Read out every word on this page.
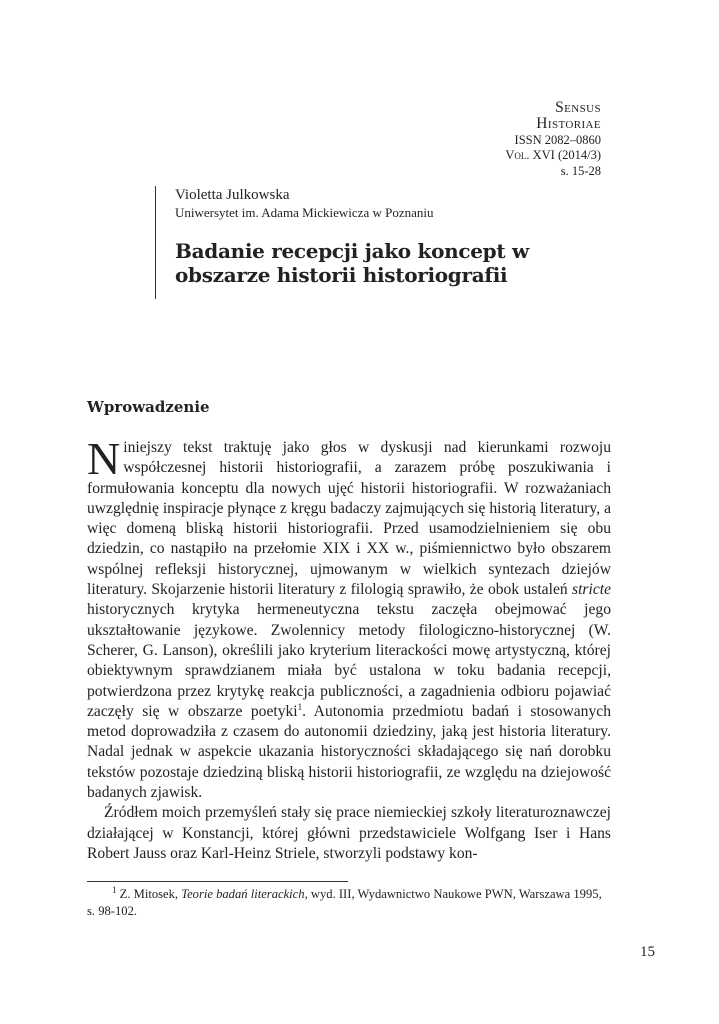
Sensus
Historiae
ISSN 2082–0860
Vol. XVI (2014/3)
s. 15-28
Violetta Julkowska
Uniwersytet im. Adama Mickiewicza w Poznaniu
Badanie recepcji jako koncept w obszarze historii historiografii
Wprowadzenie

Niniejszy tekst traktuję jako głos w dyskusji nad kierunkami rozwoju współczesnej historii historiografii, a zarazem próbę poszukiwania i formułowania konceptu dla nowych ujęć historii historiografii. W rozważaniach uwzględnię inspiracje płynące z kręgu badaczy zajmujących się historią literatury, a więc domeną bliską historii historiografii. Przed usamodzielnieniem się obu dziedzin, co nastąpiło na przełomie XIX i XX w., piśmiennictwo było obszarem wspólnej refleksji historycznej, ujmowanym w wielkich syntezach dziejów literatury. Skojarzenie historii literatury z filologią sprawiło, że obok ustaleń stricte historycznych krytyka hermeneutyczna tekstu zaczęła obejmować jego ukształtowanie językowe. Zwolennicy metody filologiczno-historycznej (W. Scherer, G. Lanson), określili jako kryterium literackości mowę artystyczną, której obiektywnym sprawdzianem miała być ustalona w toku badania recepcji, potwierdzona przez krytykę reakcja publiczności, a zagadnienia odbioru pojawiać zaczęły się w obszarze poetyki$^1$. Autonomia przedmiotu badań i stosowanych metod doprowadziła z czasem do autonomii dziedziny, jaką jest historia literatury. Nadal jednak w aspekcie ukazania historyczności składającego się nań dorobku tekstów pozostaje dziedziną bliską historii historiografii, ze względu na dziejowość badanych zjawisk.

Źródłem moich przemyśleń stały się prace niemieckiej szkoły literaturoznawczej działającej w Konstancji, której główni przedstawiciele Wolfgang Iser i Hans Robert Jauss oraz Karl-Heinz Striele, stworzyli podstawy kon-

$^1$ Z. Mitosek, Teorie badań literackich, wyd. III, Wydawnictwo Naukowe PWN, Warszawa 1995, s. 98-102.
15
